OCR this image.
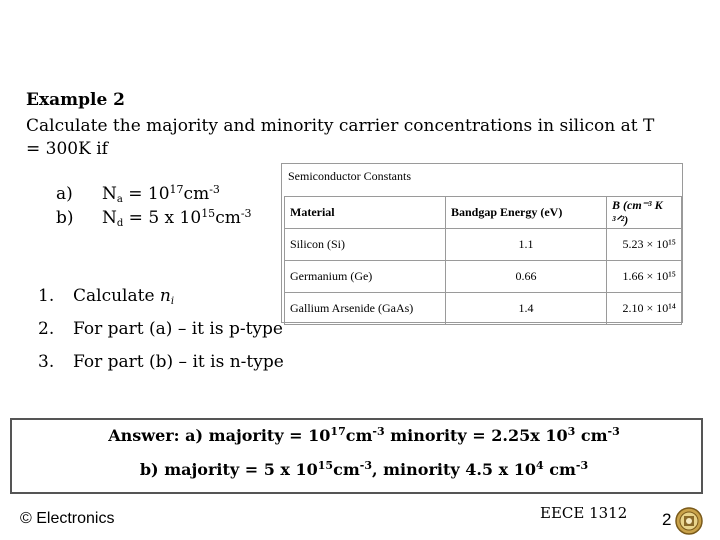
Example 2
Calculate the majority and minority carrier concentrations in silicon at T = 300K if
a) $N_a = 10^{17}cm^{-3}$
b) $N_d = 5$ x $10^{15}cm^{-3}$
1. Calculate $n_i$
2. For part (a) – it is p-type
3. For part (b) – it is n-type
Semiconductor Constants
Material	Bandgap Energy (eV)	B (cm⁻³ K ³ᐟ²)
Silicon (Si)	1.1	5.23 × 10¹⁵
Germanium (Ge)	0.66	1.66 × 10¹⁵
Gallium Arsenide (GaAs)	1.4	2.10 × 10¹⁴
Answer: a) majority = $10^{17}cm^{-3}$ minority = 2.25x $10^3$ $cm^{-3}$
b) majority = 5 x $10^{15}cm^{-3}$, minority 4.5 x $10^4$ $cm^{-3}$
© Electronics	EECE 1312 2
